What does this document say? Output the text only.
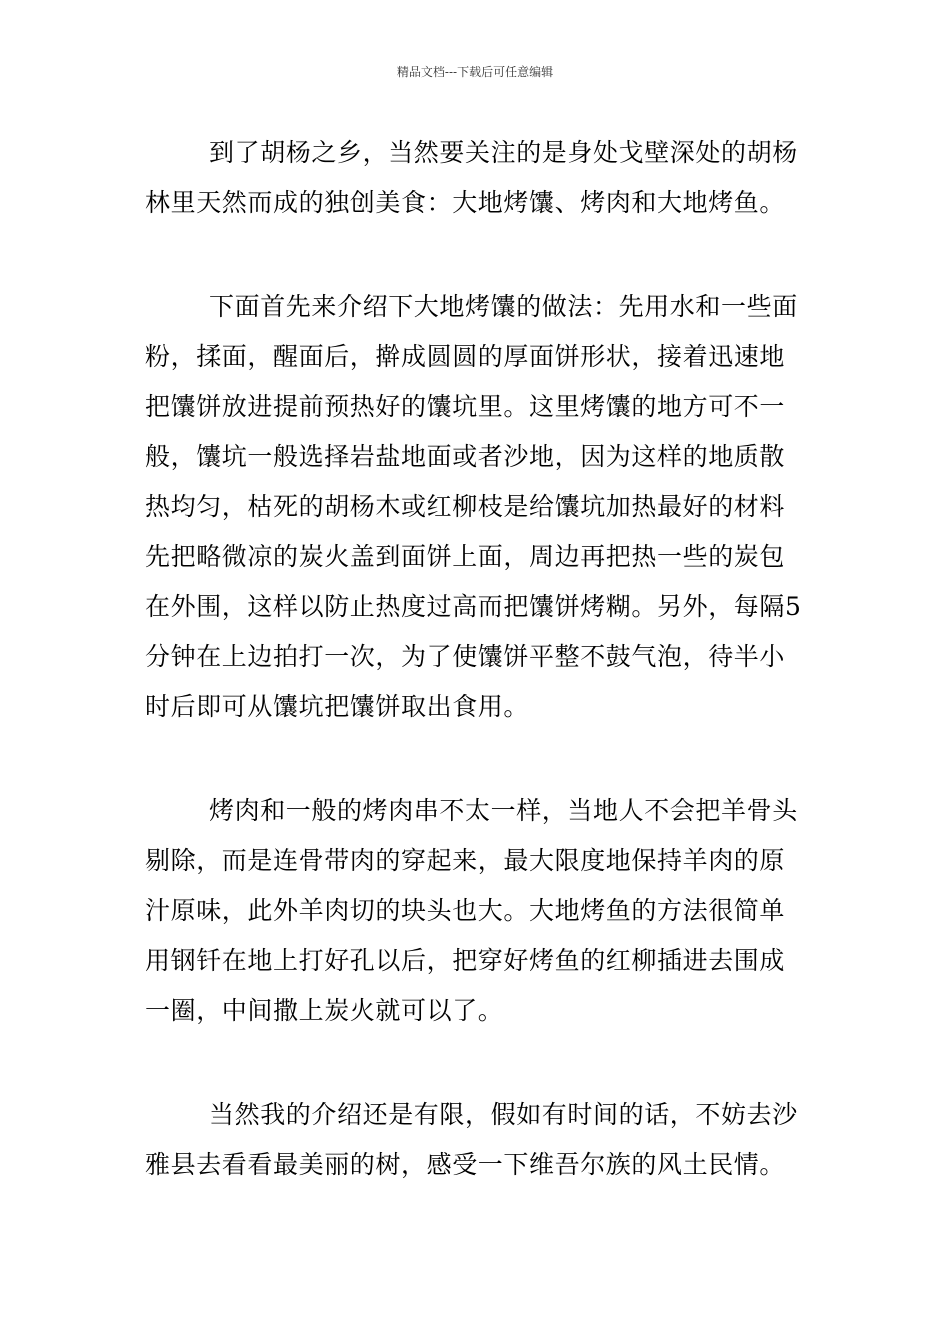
精品文档---下载后可任意编辑

到了胡杨之乡，当然要关注的是身处戈壁深处的胡杨
林里天然而成的独创美食：大地烤馕、烤肉和大地烤鱼。

下面首先来介绍下大地烤馕的做法：先用水和一些面
粉，揉面，醒面后，擀成圆圆的厚面饼形状，接着迅速地
把馕饼放进提前预热好的馕坑里。这里烤馕的地方可不一
般，馕坑一般选择岩盐地面或者沙地，因为这样的地质散
热均匀，枯死的胡杨木或红柳枝是给馕坑加热最好的材料
先把略微凉的炭火盖到面饼上面，周边再把热一些的炭包
在外围，这样以防止热度过高而把馕饼烤糊。另外，每隔5
分钟在上边拍打一次，为了使馕饼平整不鼓气泡，待半小
时后即可从馕坑把馕饼取出食用。

烤肉和一般的烤肉串不太一样，当地人不会把羊骨头
剔除，而是连骨带肉的穿起来，最大限度地保持羊肉的原
汁原味，此外羊肉切的块头也大。大地烤鱼的方法很简单
用钢钎在地上打好孔以后，把穿好烤鱼的红柳插进去围成
一圈，中间撒上炭火就可以了。

当然我的介绍还是有限，假如有时间的话，不妨去沙
雅县去看看最美丽的树，感受一下维吾尔族的风土民情。
